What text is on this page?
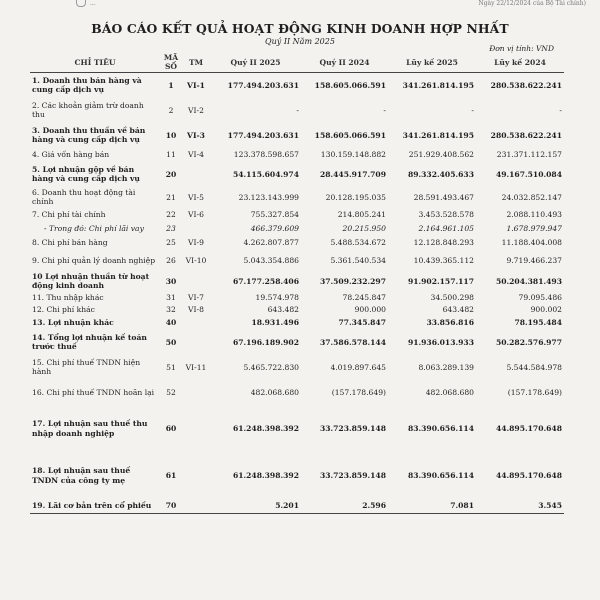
...	Ngày 22/12/2024 của Bộ Tài chính)
BÁO CÁO KẾT QUẢ HOẠT ĐỘNG KINH DOANH HỢP NHẤT
Quý II Năm 2025
Đơn vị tính: VND
CHỈ TIÊU	MÃ SỐ	TM	Quý II 2025	Quý II 2024	Lũy kế 2025	Lũy kế 2024
1. Doanh thu bán hàng và cung cấp dịch vụ	1	VI-1	177.494.203.631	158.605.066.591	341.261.814.195	280.538.622.241
2. Các khoản giảm trừ doanh thu	2	VI-2	-	-	-	-
3. Doanh thu thuần về bán hàng và cung cấp dịch vụ	10	VI-3	177.494.203.631	158.605.066.591	341.261.814.195	280.538.622.241
4. Giá vốn hàng bán	11	VI-4	123.378.598.657	130.159.148.882	251.929.408.562	231.371.112.157
5. Lợi nhuận gộp về bán hàng và cung cấp dịch vụ	20		54.115.604.974	28.445.917.709	89.332.405.633	49.167.510.084
6. Doanh thu hoạt động tài chính	21	VI-5	23.123.143.999	20.128.195.035	28.591.493.467	24.032.852.147
7. Chi phí tài chính	22	VI-6	755.327.854	214.805.241	3.453.528.578	2.088.110.493
- Trong đó: Chi phí lãi vay	23		466.379.609	20.215.950	2.164.961.105	1.678.979.947
8. Chi phí bán hàng	25	VI-9	4.262.807.877	5.488.534.672	12.128.848.293	11.188.404.008
9. Chi phí quản lý doanh nghiệp	26	VI-10	5.043.354.886	5.361.540.534	10.439.365.112	9.719.466.237
10 Lợi nhuận thuần từ hoạt động kinh doanh	30		67.177.258.406	37.509.232.297	91.902.157.117	50.204.381.493
11. Thu nhập khác	31	VI-7	19.574.978	78.245.847	34.500.298	79.095.486
12. Chi phí khác	32	VI-8	643.482	900.000	643.482	900.002
13. Lợi nhuận khác	40		18.931.496	77.345.847	33.856.816	78.195.484
14. Tổng lợi nhuận kế toán trước thuế	50		67.196.189.902	37.586.578.144	91.936.013.933	50.282.576.977
15. Chi phí thuế TNDN hiện hành	51	VI-11	5.465.722.830	4.019.897.645	8.063.289.139	5.544.584.978
16. Chi phí thuế TNDN hoãn lại	52		482.068.680	(157.178.649)	482.068.680	(157.178.649)
17. Lợi nhuận sau thuế thu nhập doanh nghiệp	60		61.248.398.392	33.723.859.148	83.390.656.114	44.895.170.648
18. Lợi nhuận sau thuế TNDN của công ty mẹ	61		61.248.398.392	33.723.859.148	83.390.656.114	44.895.170.648
19. Lãi cơ bản trên cổ phiếu	70		5.201	2.596	7.081	3.545
